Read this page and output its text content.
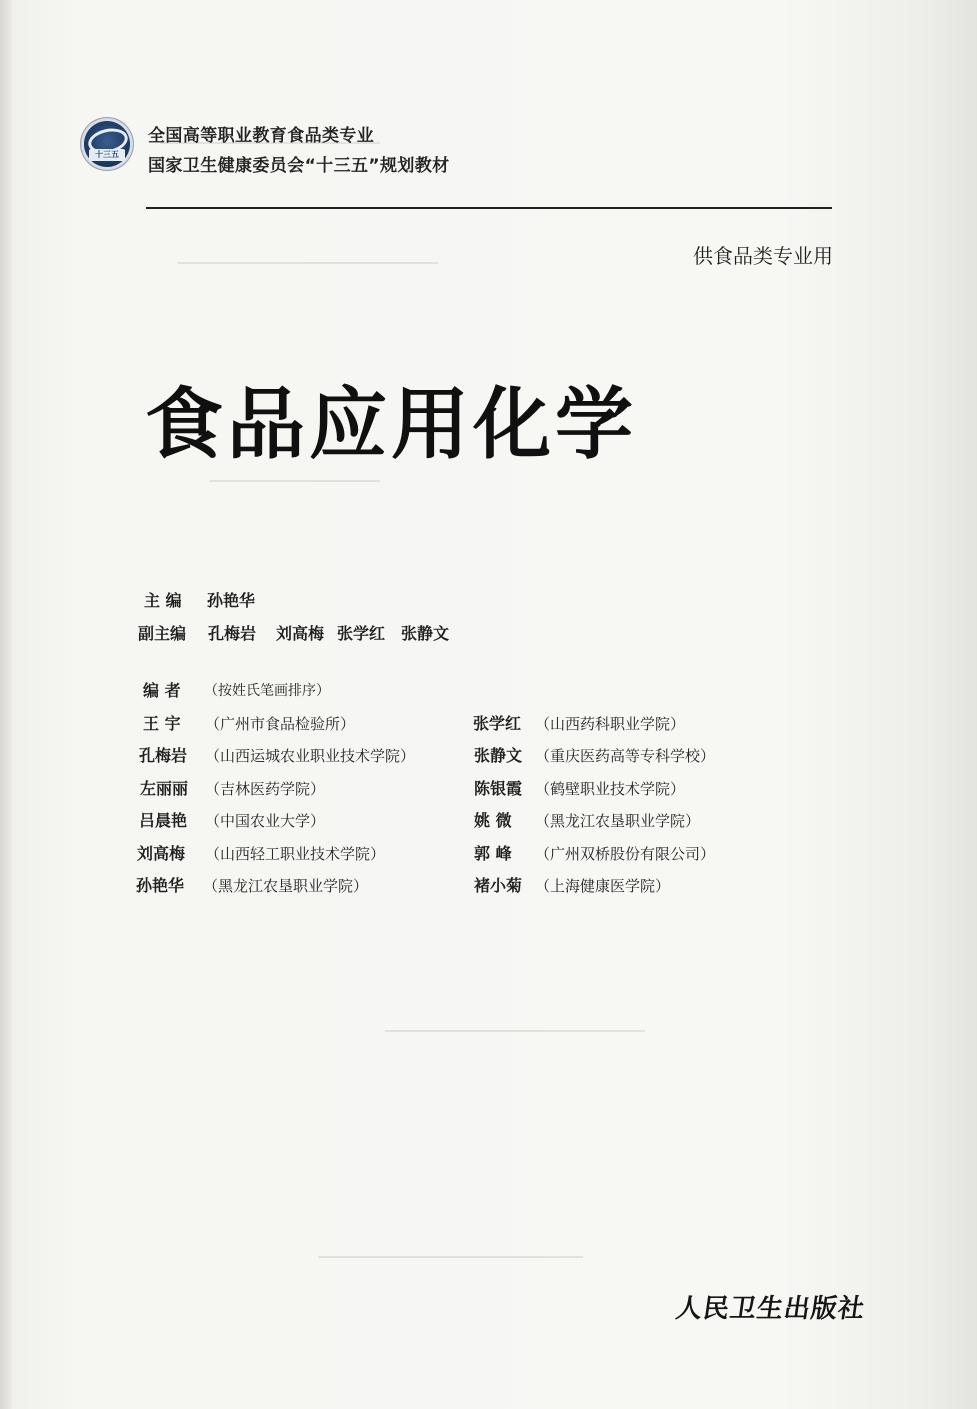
十三五
全国高等职业教育食品类专业
国家卫生健康委员会“十三五”规划教材
供食品类专业用
食品应用化学
主 编 孙艳华
副主编 孔梅岩 刘高梅 张学红 张静文
编 者 （按姓氏笔画排序）
王 宇 （广州市食品检验所）
孔梅岩 （山西运城农业职业技术学院）
左丽丽 （吉林医药学院）
吕晨艳 （中国农业大学）
刘高梅 （山西轻工职业技术学院）
孙艳华 （黑龙江农垦职业学院）
张学红 （山西药科职业学院）
张静文 （重庆医药高等专科学校）
陈银霞 （鹤壁职业技术学院）
姚 微 （黑龙江农垦职业学院）
郭 峰 （广州双桥股份有限公司）
褚小菊 （上海健康医学院）
人民卫生出版社
